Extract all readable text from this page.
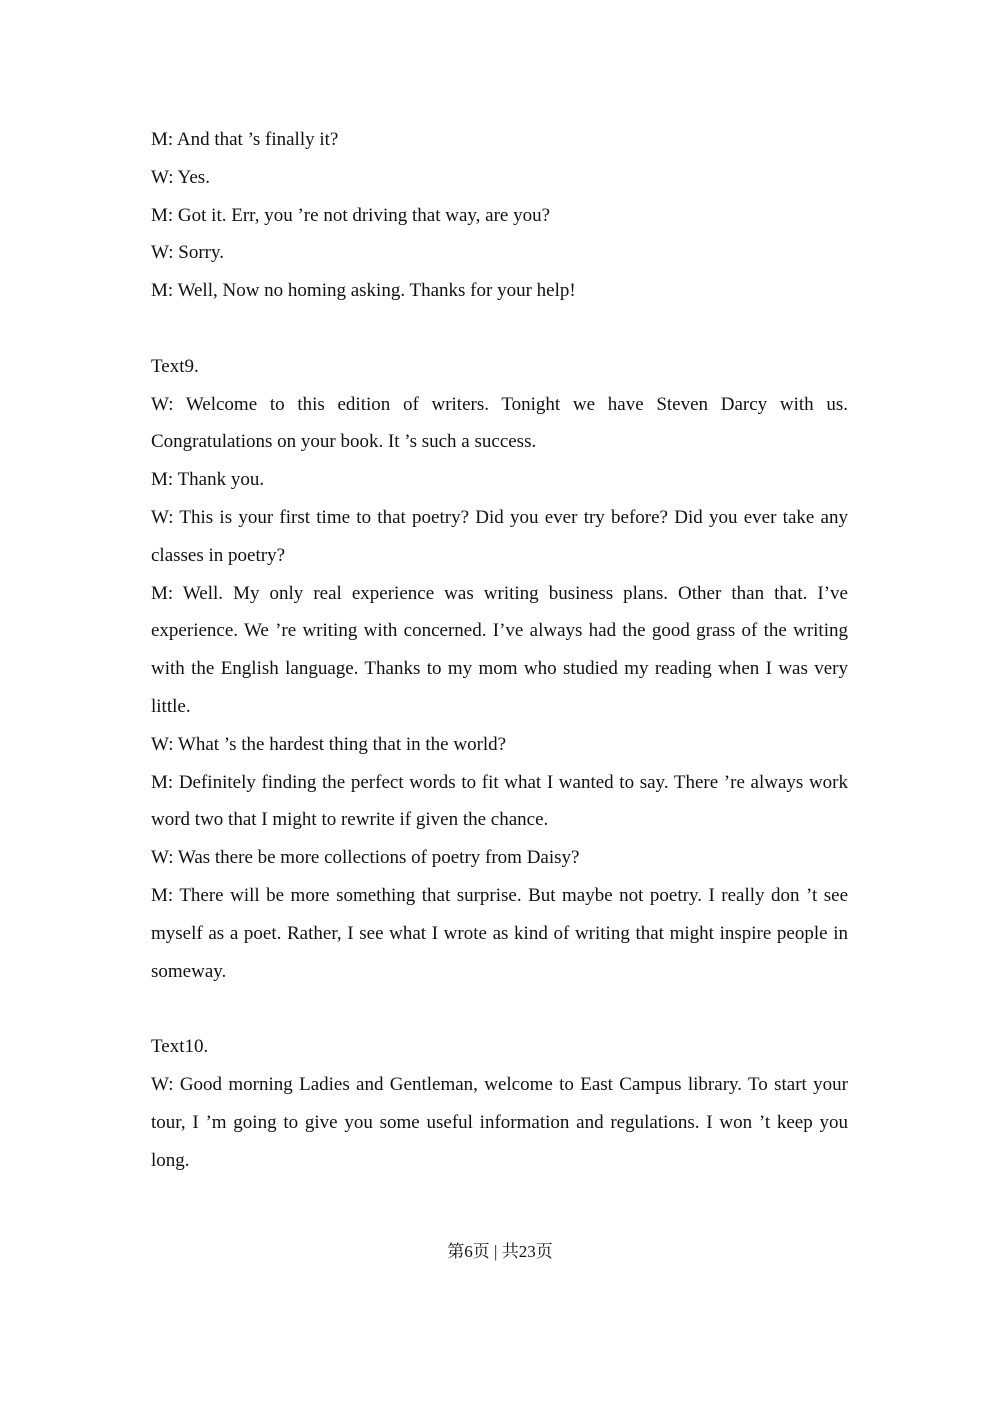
M: And that ’s finally it?
W: Yes.
M: Got it. Err, you ’re not driving that way, are you?
W: Sorry.
M: Well, Now no homing asking. Thanks for your help!
Text9.
W: Welcome to this edition of writers. Tonight we have Steven Darcy with us. Congratulations on your book. It ’s such a success.
M: Thank you.
W: This is your first time to that poetry? Did you ever try before? Did you ever take any classes in poetry?
M: Well. My only real experience was writing business plans. Other than that. I’ve experience. We ’re writing with concerned. I’ve always had the good grass of the writing with the English language. Thanks to my mom who studied my reading when I was very little.
W: What ’s the hardest thing that in the world?
M: Definitely finding the perfect words to fit what I wanted to say. There ’re always work word two that I might to rewrite if given the chance.
W: Was there be more collections of poetry from Daisy?
M: There will be more something that surprise. But maybe not poetry. I really don ’t see myself as a poet. Rather, I see what I wrote as kind of writing that might inspire people in someway.
Text10.
W: Good morning Ladies and Gentleman, welcome to East Campus library. To start your tour, I ’m going to give you some useful information and regulations. I won ’t keep you long.
第6页 | 共23页
